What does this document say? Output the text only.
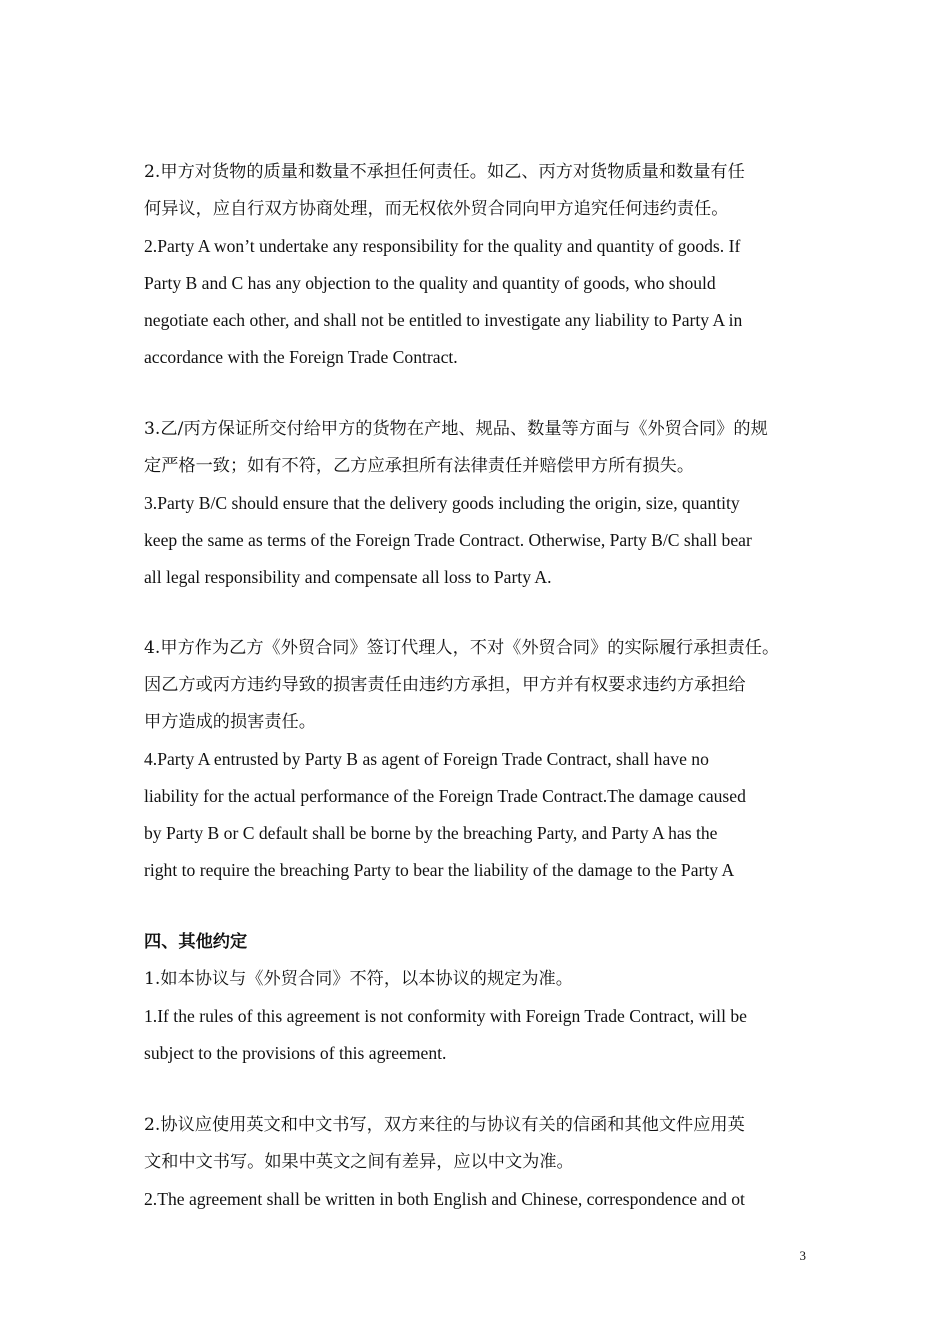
2.甲方对货物的质量和数量不承担任何责任。如乙、丙方对货物质量和数量有任
何异议，应自行双方协商处理，而无权依外贸合同向甲方追究任何违约责任。
2.Party A won’t undertake any responsibility for the quality and quantity of goods. If
Party B and C has any objection to the quality and quantity of goods, who should
negotiate each other, and shall not be entitled to investigate any liability to Party A in
accordance with the Foreign Trade Contract.
3.乙/丙方保证所交付给甲方的货物在产地、规品、数量等方面与《外贸合同》的规
定严格一致；如有不符，乙方应承担所有法律责任并赔偿甲方所有损失。
3.Party B/C should ensure that the delivery goods including the origin, size, quantity
keep the same as terms of the Foreign Trade Contract. Otherwise, Party B/C shall bear
all legal responsibility and compensate all loss to Party A.
4.甲方作为乙方《外贸合同》签订代理人，不对《外贸合同》的实际履行承担责任。
因乙方或丙方违约导致的损害责任由违约方承担，甲方并有权要求违约方承担给
甲方造成的损害责任。
4.Party A entrusted by Party B as agent of Foreign Trade Contract, shall have no
liability for the actual performance of the Foreign Trade Contract.The damage caused
by Party B or C default shall be borne by the breaching Party, and Party A has the
right to require the breaching Party to bear the liability of the damage to the Party A
四、其他约定
1.如本协议与《外贸合同》不符，以本协议的规定为准。
1.If the rules of this agreement is not conformity with Foreign Trade Contract, will be
subject to the provisions of this agreement.
2.协议应使用英文和中文书写，双方来往的与协议有关的信函和其他文件应用英
文和中文书写。如果中英文之间有差异，应以中文为准。
2.The agreement shall be written in both English and Chinese, correspondence and ot
3
